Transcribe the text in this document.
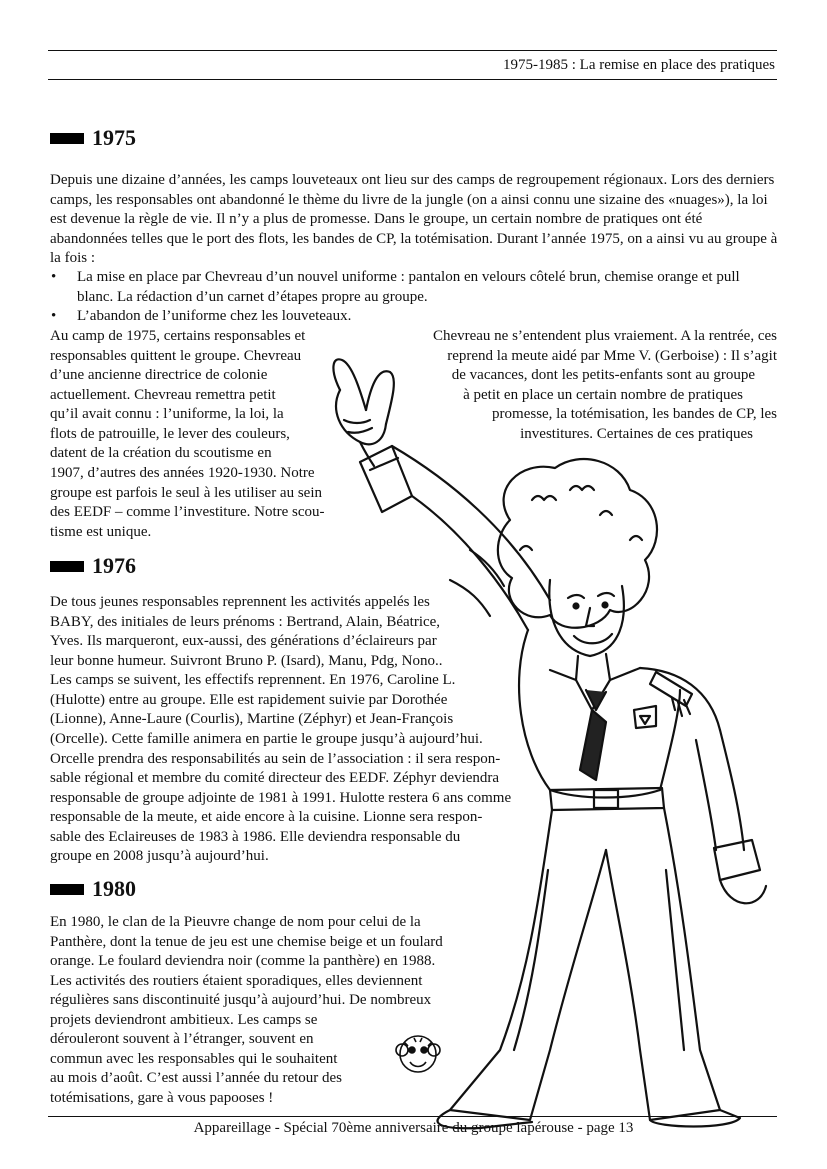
1975-1985 : La remise en place des pratiques
1975
Depuis une dizaine d’années, les camps louveteaux ont lieu sur des camps de regroupement régionaux. Lors des derniers camps, les responsables ont abandonné le thème du livre de la jungle (on a ainsi connu une sizaine des «nuages»), la loi est devenue la règle de vie. Il n’y a plus de promesse. Dans le groupe, un certain nombre de pratiques ont été abandonnées telles que le port des flots, les bandes de CP, la totémisation. Durant l’année 1975, on a ainsi vu au groupe à la fois :
• La mise en place par Chevreau d’un nouvel uniforme : pantalon en velours côtelé brun, chemise orange et pull blanc. La rédaction d’un carnet d’étapes propre au groupe.
• L’abandon de l’uniforme chez les louveteaux.
Au camp de 1975, certains responsables et
responsables quittent le groupe. Chevreau
d’une ancienne directrice de colonie
actuellement. Chevreau remettra petit
qu’il avait connu : l’uniforme, la loi, la
flots de patrouille, le lever des couleurs,
datent de la création du scoutisme en
1907, d’autres des années 1920-1930. Notre
groupe est parfois le seul à les utiliser au sein
des EEDF – comme l’investiture. Notre scou-
tisme est unique.
Chevreau ne s’entendent plus vraiement. A la rentrée, ces
reprend la meute aidé par Mme V. (Gerboise) : Il s’agit
de vacances, dont les petits-enfants sont au groupe
à petit en place un certain nombre de pratiques
promesse, la totémisation, les bandes de CP, les
investitures. Certaines de ces pratiques
1976
De tous jeunes responsables reprennent les activités appelés les
BABY, des initiales de leurs prénoms : Bertrand, Alain, Béatrice,
Yves. Ils marqueront, eux-aussi, des générations d’éclaireurs par
leur bonne humeur. Suivront Bruno P. (Isard), Manu, Pdg, Nono..
Les camps se suivent, les effectifs reprennent. En 1976, Caroline L.
(Hulotte) entre au groupe. Elle est rapidement suivie par Dorothée
(Lionne), Anne-Laure (Courlis), Martine (Zéphyr) et Jean-François
(Orcelle). Cette famille animera en partie le groupe jusqu’à aujourd’hui.
Orcelle prendra des responsabilités au sein de l’association : il sera respon-
sable régional et membre du comité directeur des EEDF. Zéphyr deviendra
responsable de groupe adjointe de 1981 à 1991. Hulotte restera 6 ans comme
responsable de la meute, et aide encore à la cuisine. Lionne sera respon-
sable des Eclaireuses de 1983 à 1986. Elle deviendra responsable du
groupe en 2008 jusqu’à aujourd’hui.
1980
En 1980, le clan de la Pieuvre change de nom pour celui de la
Panthère, dont la tenue de jeu est une chemise beige et un foulard
orange. Le foulard deviendra noir (comme la panthère) en 1988.
Les activités des routiers étaient sporadiques, elles deviennent
régulières sans discontinuité jusqu’à aujourd’hui. De nombreux
projets deviendront ambitieux. Les camps se
dérouleront souvent à l’étranger, souvent en
commun avec les responsables qui le souhaitent
au mois d’août. C’est aussi l’année du retour des
totémisations, gare à vous papooses !
Appareillage - Spécial 70ème anniversaire du groupe lapérouse - page 13
